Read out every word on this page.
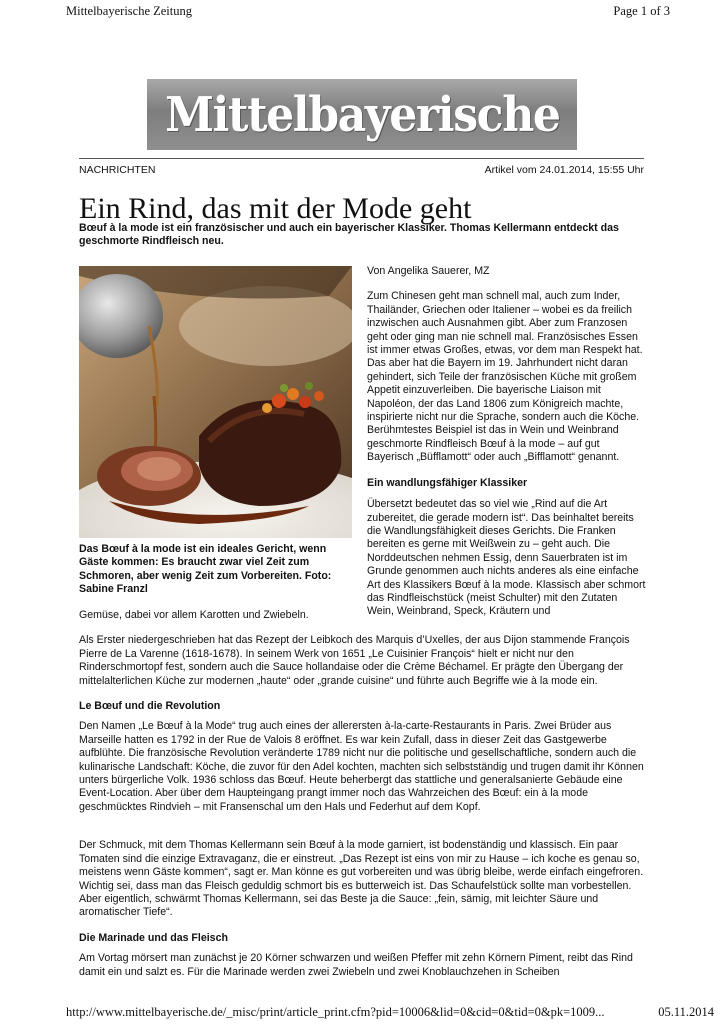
Mittelbayerische Zeitung	Page 1 of 3
Mittelbayerische
NACHRICHTEN	Artikel vom 24.01.2014, 15:55 Uhr
Ein Rind, das mit der Mode geht

Bœuf à la mode ist ein französischer und auch ein bayerischer Klassiker. Thomas Kellermann entdeckt das geschmorte Rindfleisch neu.

Das Bœuf à la mode ist ein ideales Gericht, wenn Gäste kommen: Es braucht zwar viel Zeit zum Schmoren, aber wenig Zeit zum Vorbereiten. Foto: Sabine Franzl

Von Angelika Sauerer, MZ

Zum Chinesen geht man schnell mal, auch zum Inder, Thailänder, Griechen oder Italiener – wobei es da freilich inzwischen auch Ausnahmen gibt. Aber zum Franzosen geht oder ging man nie schnell mal. Französisches Essen ist immer etwas Großes, etwas, vor dem man Respekt hat. Das aber hat die Bayern im 19. Jahrhundert nicht daran gehindert, sich Teile der französischen Küche mit großem Appetit einzuverleiben. Die bayerische Liaison mit Napoléon, der das Land 1806 zum Königreich machte, inspirierte nicht nur die Sprache, sondern auch die Köche. Berühmtestes Beispiel ist das in Wein und Weinbrand geschmorte Rindfleisch Bœuf à la mode – auf gut Bayerisch „Büfflamott“ oder auch „Bifflamott“ genannt.

Ein wandlungsfähiger Klassiker

Übersetzt bedeutet das so viel wie „Rind auf die Art zubereitet, die gerade modern ist“. Das beinhaltet bereits die Wandlungsfähigkeit dieses Gerichts. Die Franken bereiten es gerne mit Weißwein zu – geht auch. Die Norddeutschen nehmen Essig, denn Sauerbraten ist im Grunde genommen auch nichts anderes als eine einfache Art des Klassikers Bœuf à la mode. Klassisch aber schmort das Rindfleischstück (meist Schulter) mit den Zutaten Wein, Weinbrand, Speck, Kräutern und

Gemüse, dabei vor allem Karotten und Zwiebeln.

Als Erster niedergeschrieben hat das Rezept der Leibkoch des Marquis d’Uxelles, der aus Dijon stammende François Pierre de La Varenne (1618-1678). In seinem Werk von 1651 „Le Cuisinier François“ hielt er nicht nur den Rinderschmortopf fest, sondern auch die Sauce hollandaise oder die Crème Béchamel. Er prägte den Übergang der mittelalterlichen Küche zur modernen „haute“ oder „grande cuisine“ und führte auch Begriffe wie à la mode ein.

Le Bœuf und die Revolution

Den Namen „Le Bœuf à la Mode“ trug auch eines der allerersten à-la-carte-Restaurants in Paris. Zwei Brüder aus Marseille hatten es 1792 in der Rue de Valois 8 eröffnet. Es war kein Zufall, dass in dieser Zeit das Gastgewerbe aufblühte. Die französische Revolution veränderte 1789 nicht nur die politische und gesellschaftliche, sondern auch die kulinarische Landschaft: Köche, die zuvor für den Adel kochten, machten sich selbstständig und trugen damit ihr Können unters bürgerliche Volk. 1936 schloss das Bœuf. Heute beherbergt das stattliche und generalsanierte Gebäude eine Event-Location. Aber über dem Haupteingang prangt immer noch das Wahrzeichen des Bœuf: ein à la mode geschmücktes Rindvieh – mit Fransenschal um den Hals und Federhut auf dem Kopf.

Der Schmuck, mit dem Thomas Kellermann sein Bœuf à la mode garniert, ist bodenständig und klassisch. Ein paar Tomaten sind die einzige Extravaganz, die er einstreut. „Das Rezept ist eins von mir zu Hause – ich koche es genau so, meistens wenn Gäste kommen“, sagt er. Man könne es gut vorbereiten und was übrig bleibe, werde einfach eingefroren. Wichtig sei, dass man das Fleisch geduldig schmort bis es butterweich ist. Das Schaufelstück sollte man vorbestellen. Aber eigentlich, schwärmt Thomas Kellermann, sei das Beste ja die Sauce: „fein, sämig, mit leichter Säure und aromatischer Tiefe“.

Die Marinade und das Fleisch

Am Vortag mörsert man zunächst je 20 Körner schwarzen und weißen Pfeffer mit zehn Körnern Piment, reibt das Rind damit ein und salzt es. Für die Marinade werden zwei Zwiebeln und zwei Knoblauchzehen in Scheiben

http://www.mittelbayerische.de/_misc/print/article_print.cfm?pid=10006&lid=0&cid=0&tid=0&pk=1009...	05.11.2014
